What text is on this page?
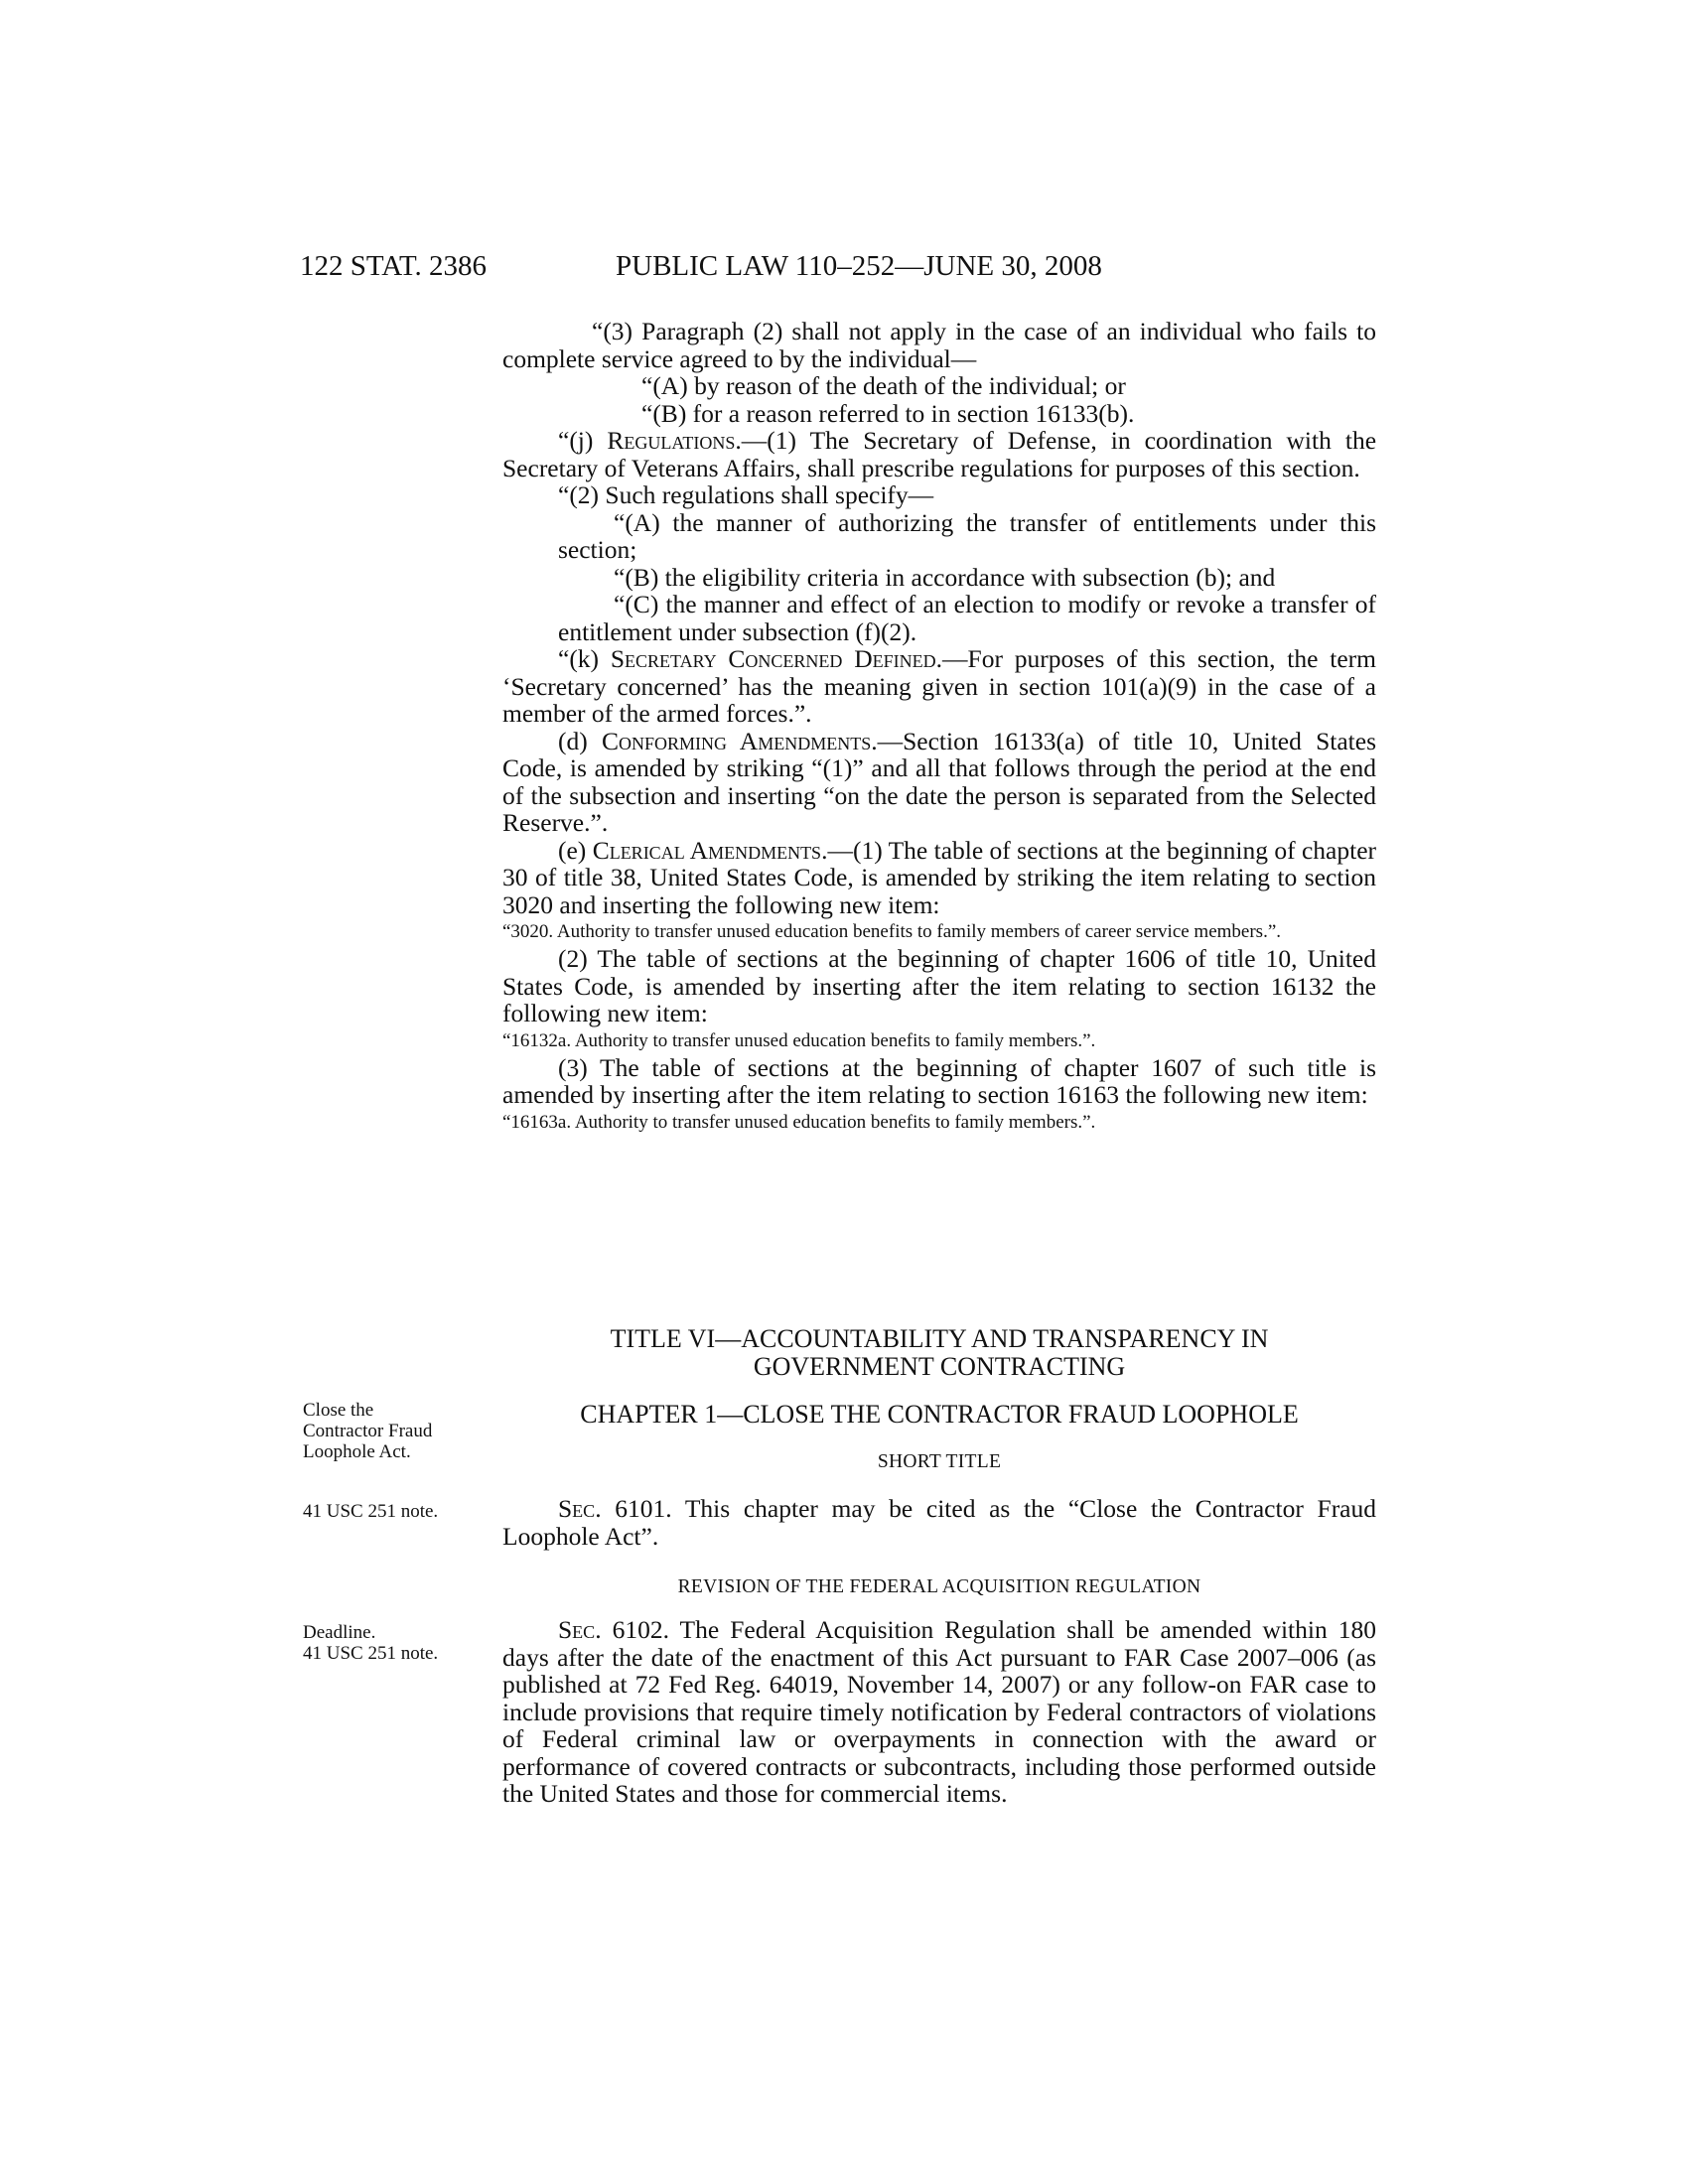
122 STAT. 2386	PUBLIC LAW 110–252—JUNE 30, 2008

“(3) Paragraph (2) shall not apply in the case of an individual who fails to complete service agreed to by the individual—

“(A) by reason of the death of the individual; or

“(B) for a reason referred to in section 16133(b).

“(j) Regulations.—(1) The Secretary of Defense, in coordination with the Secretary of Veterans Affairs, shall prescribe regulations for purposes of this section.

“(2) Such regulations shall specify—

“(A) the manner of authorizing the transfer of entitlements under this section;

“(B) the eligibility criteria in accordance with subsection (b); and

“(C) the manner and effect of an election to modify or revoke a transfer of entitlement under subsection (f)(2).

“(k) Secretary Concerned Defined.—For purposes of this section, the term ‘Secretary concerned’ has the meaning given in section 101(a)(9) in the case of a member of the armed forces.”.

(d) Conforming Amendments.—Section 16133(a) of title 10, United States Code, is amended by striking “(1)” and all that follows through the period at the end of the subsection and inserting “on the date the person is separated from the Selected Reserve.”.

(e) Clerical Amendments.—(1) The table of sections at the beginning of chapter 30 of title 38, United States Code, is amended by striking the item relating to section 3020 and inserting the following new item:

“3020. Authority to transfer unused education benefits to family members of career service members.”.

(2) The table of sections at the beginning of chapter 1606 of title 10, United States Code, is amended by inserting after the item relating to section 16132 the following new item:

“16132a. Authority to transfer unused education benefits to family members.”.

(3) The table of sections at the beginning of chapter 1607 of such title is amended by inserting after the item relating to section 16163 the following new item:

“16163a. Authority to transfer unused education benefits to family members.”.

TITLE VI—ACCOUNTABILITY AND TRANSPARENCY IN
GOVERNMENT CONTRACTING
Close the
Contractor Fraud
Loophole Act.
CHAPTER 1—CLOSE THE CONTRACTOR FRAUD LOOPHOLE
SHORT TITLE
41 USC 251 note.	Sec. 6101. This chapter may be cited as the “Close the Contractor Fraud Loophole Act”.

REVISION OF THE FEDERAL ACQUISITION REGULATION
Deadline.
41 USC 251 note.

Sec. 6102. The Federal Acquisition Regulation shall be amended within 180 days after the date of the enactment of this Act pursuant to FAR Case 2007–006 (as published at 72 Fed Reg. 64019, November 14, 2007) or any follow-on FAR case to include provisions that require timely notification by Federal contractors of violations of Federal criminal law or overpayments in connection with the award or performance of covered contracts or subcontracts, including those performed outside the United States and those for commercial items.
